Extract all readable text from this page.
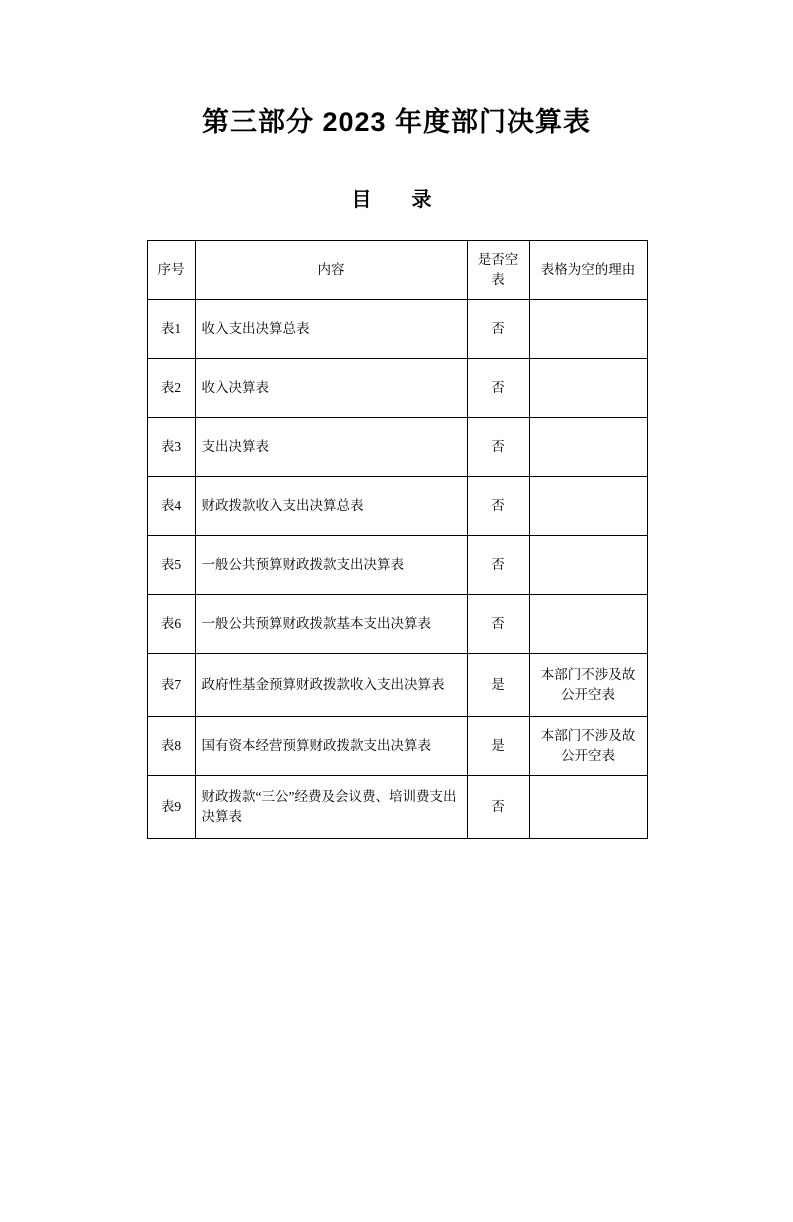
第三部分 2023 年度部门决算表
目　录
序号	内容	是否空表	表格为空的理由
表1	收入支出决算总表	否	
表2	收入决算表	否	
表3	支出决算表	否	
表4	财政拨款收入支出决算总表	否	
表5	一般公共预算财政拨款支出决算表	否	
表6	一般公共预算财政拨款基本支出决算表	否	
表7	政府性基金预算财政拨款收入支出决算表	是	本部门不涉及故公开空表
表8	国有资本经营预算财政拨款支出决算表	是	本部门不涉及故公开空表
表9	财政拨款“三公”经费及会议费、培训费支出决算表	否	
